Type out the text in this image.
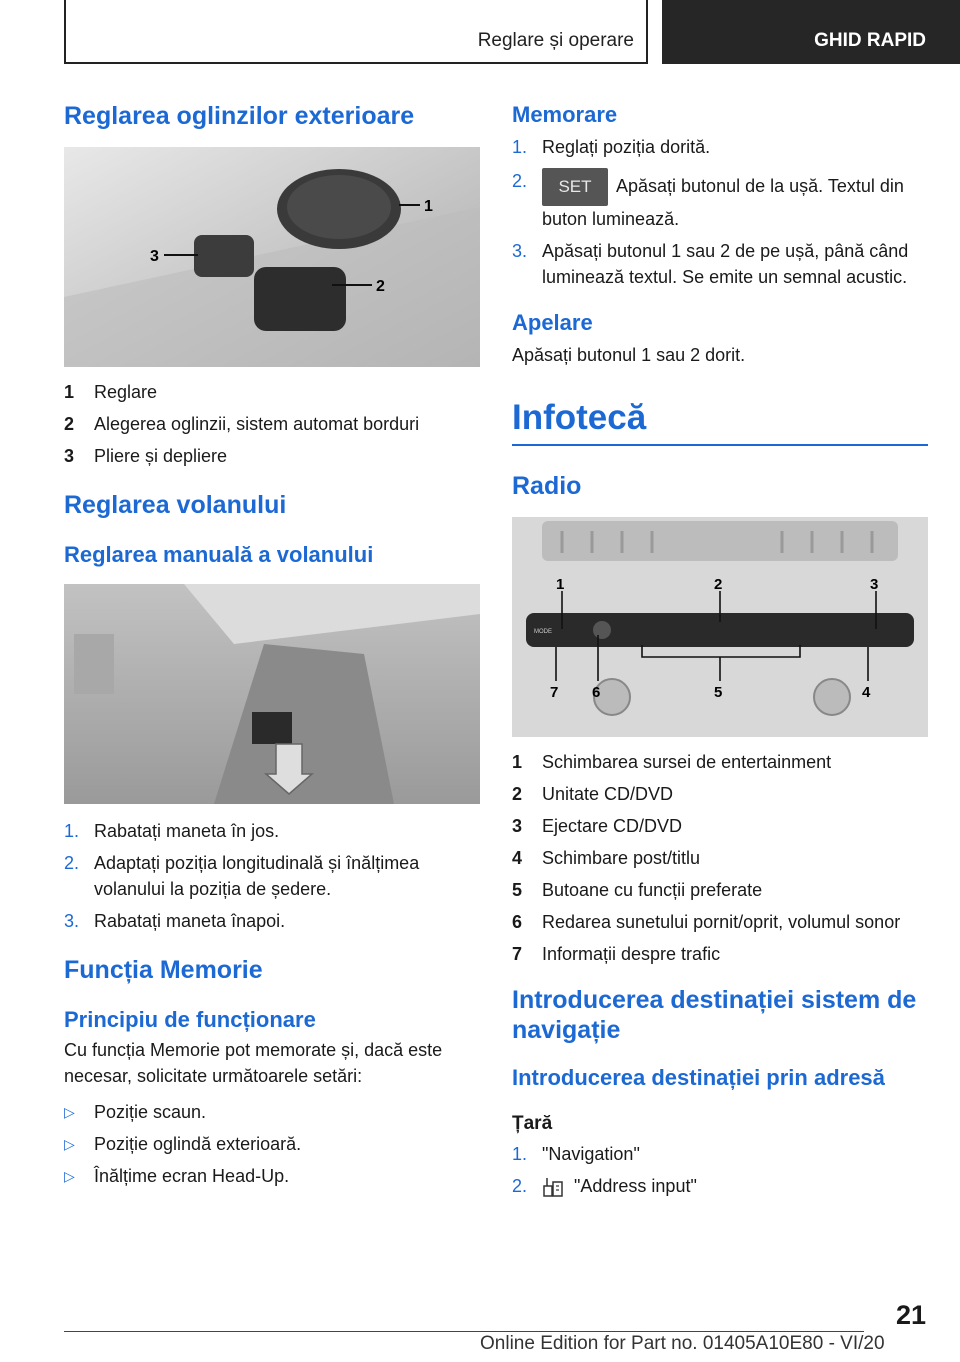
Reglare și operare	GHID RAPID
Reglarea oglinzilor exterioare
1
2
3
1	Reglare
2	Alegerea oglinzii, sistem automat borduri
3	Pliere și depliere
Reglarea volanului
Reglarea manuală a volanului
1. Rabatați maneta în jos.
2. Adaptați poziția longitudinală și înălțimea volanului la poziția de ședere.
3. Rabatați maneta înapoi.
Funcția Memorie
Principiu de funcționare

Cu funcția Memorie pot memorate și, dacă este necesar, solicitate următoarele setări:

▷	Poziție scaun.
▷	Poziție oglindă exterioară.
▷	Înălțime ecran Head-Up.
Memorare
1. Reglați poziția dorită.
2.	SET Apăsați butonul de la ușă. Textul din buton luminează.
3. Apăsați butonul 1 sau 2 de pe ușă, până când luminează textul. Se emite un semnal acustic.
Apelare

Apăsați butonul 1 sau 2 dorit.

Infotecă
Radio
MODE
1	2	3
7 6	5	4
1	Schimbarea sursei de entertainment
2	Unitate CD/DVD
3	Ejectare CD/DVD
4	Schimbare post/titlu
5	Butoane cu funcții preferate
6	Redarea sunetului pornit/oprit, volumul sonor
7	Informații despre trafic
Introducerea destinației sistem de navigație
Introducerea destinației prin adresă
Țară
1. "Navigation"
2.	"Address input"
21
Online Edition for Part no. 01405A10E80 - VI/20
